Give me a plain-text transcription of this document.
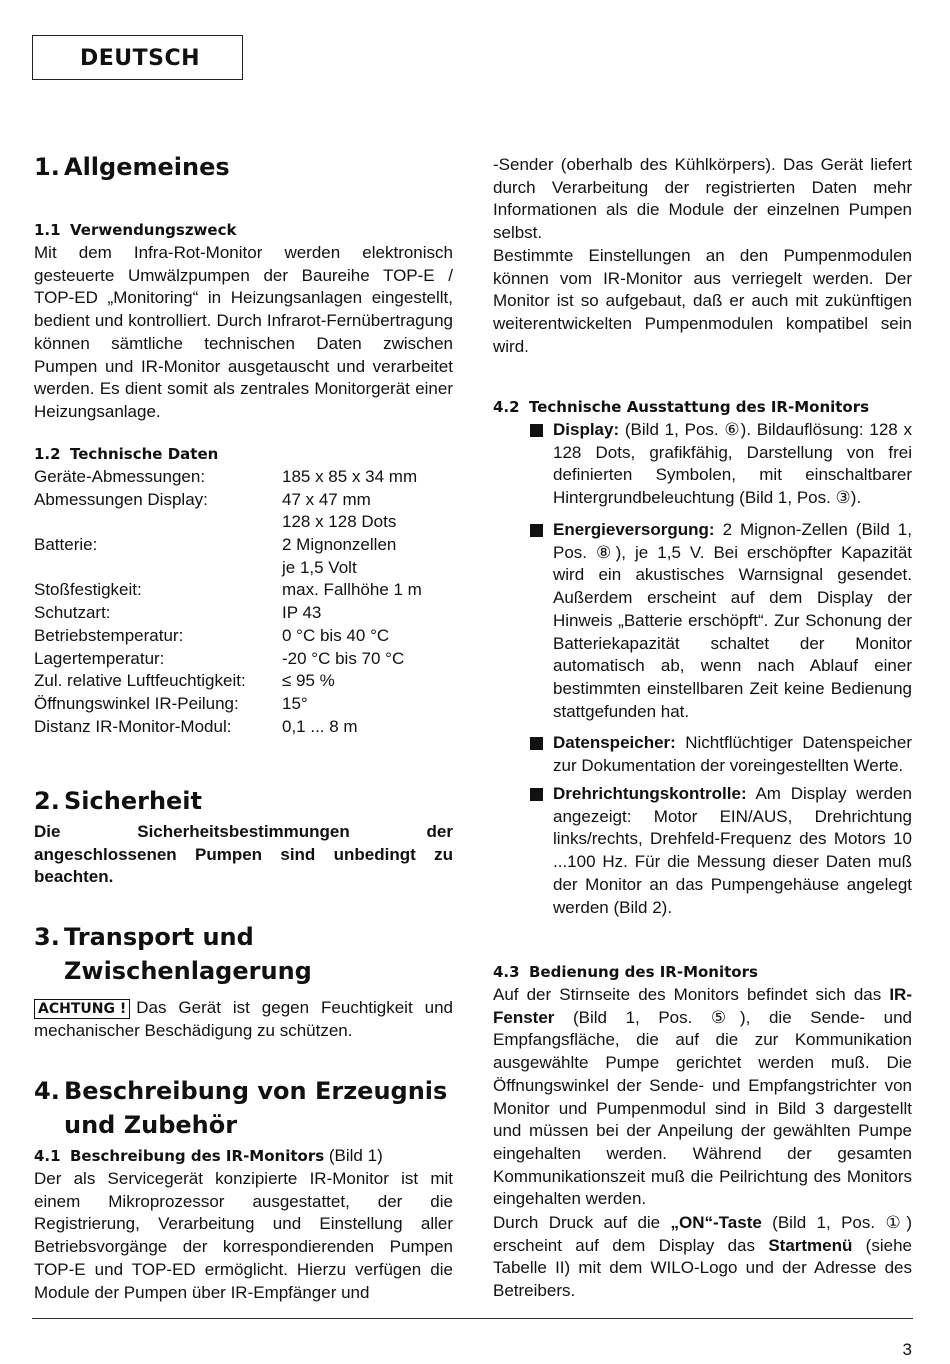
DEUTSCH
1. Allgemeines
1.1 Verwendungszweck
Mit dem Infra-Rot-Monitor werden elektronisch gesteuerte Umwälzpumpen der Baureihe TOP-E / TOP-ED „Monitoring“ in Heizungsanlagen eingestellt, bedient und kontrolliert. Durch Infrarot-Fernübertragung können sämtliche technischen Daten zwischen Pumpen und IR-Monitor ausgetauscht und verarbeitet werden. Es dient somit als zentrales Monitorgerät einer Heizungsanlage.
1.2 Technische Daten
Geräte-Abmessungen:	185 x 85 x 34 mm
Abmessungen Display:	47 x 47 mm
128 x 128 Dots
Batterie:	2 Mignonzellen
je 1,5 Volt
Stoßfestigkeit:	max. Fallhöhe 1 m
Schutzart:	IP 43
Betriebstemperatur:	0 °C bis 40 °C
Lagertemperatur:	-20 °C bis 70 °C
Zul. relative Luftfeuchtigkeit:	≤ 95 %
Öffnungswinkel IR-Peilung:	15°
Distanz IR-Monitor-Modul:	0,1 ... 8 m
2. Sicherheit
Die Sicherheitsbestimmungen der angeschlossenen Pumpen sind unbedingt zu beachten.
3. Transport und
Zwischenlagerung
ACHTUNG ! Das Gerät ist gegen Feuchtigkeit und mechanischer Beschädigung zu schützen.
4. Beschreibung von Erzeugnis
und Zubehör
4.1 Beschreibung des IR-Monitors (Bild 1)
Der als Servicegerät konzipierte IR-Monitor ist mit einem Mikroprozessor ausgestattet, der die Registrierung, Verarbeitung und Einstellung aller Betriebsvorgänge der korrespondierenden Pumpen TOP-E und TOP-ED ermöglicht. Hierzu verfügen die Module der Pumpen über IR-Empfänger und
-Sender (oberhalb des Kühlkörpers). Das Gerät liefert durch Verarbeitung der registrierten Daten mehr Informationen als die Module der einzelnen Pumpen selbst.
Bestimmte Einstellungen an den Pumpenmodulen können vom IR-Monitor aus verriegelt werden. Der Monitor ist so aufgebaut, daß er auch mit zukünftigen weiterentwickelten Pumpenmodulen kompatibel sein wird.
4.2 Technische Ausstattung des IR-Monitors
Display: (Bild 1, Pos. ⑥). Bildauflösung: 128 x 128 Dots, grafikfähig, Darstellung von frei definierten Symbolen, mit einschaltbarer Hintergrundbeleuchtung (Bild 1, Pos. ③).
Energieversorgung: 2 Mignon-Zellen (Bild 1, Pos. ⑧), je 1,5 V. Bei erschöpfter Kapazität wird ein akustisches Warnsignal gesendet. Außerdem erscheint auf dem Display der Hinweis „Batterie erschöpft“. Zur Schonung der Batteriekapazität schaltet der Monitor automatisch ab, wenn nach Ablauf einer bestimmten einstellbaren Zeit keine Bedienung stattgefunden hat.
Datenspeicher: Nichtflüchtiger Datenspeicher zur Dokumentation der voreingestellten Werte.
Drehrichtungskontrolle: Am Display werden angezeigt: Motor EIN/AUS, Drehrichtung links/rechts, Drehfeld-Frequenz des Motors 10 ...100 Hz. Für die Messung dieser Daten muß der Monitor an das Pumpengehäuse angelegt werden (Bild 2).
4.3 Bedienung des IR-Monitors
Auf der Stirnseite des Monitors befindet sich das IR-Fenster (Bild 1, Pos. ⑤), die Sende- und Empfangsfläche, die auf die zur Kommunikation ausgewählte Pumpe gerichtet werden muß. Die Öffnungswinkel der Sende- und Empfangstrichter von Monitor und Pumpenmodul sind in Bild 3 dargestellt und müssen bei der Anpeilung der gewählten Pumpe eingehalten werden. Während der gesamten Kommunikationszeit muß die Peilrichtung des Monitors eingehalten werden.
Durch Druck auf die „ON“-Taste (Bild 1, Pos. ①) erscheint auf dem Display das Startmenü (siehe Tabelle II) mit dem WILO-Logo und der Adresse des Betreibers.
3
